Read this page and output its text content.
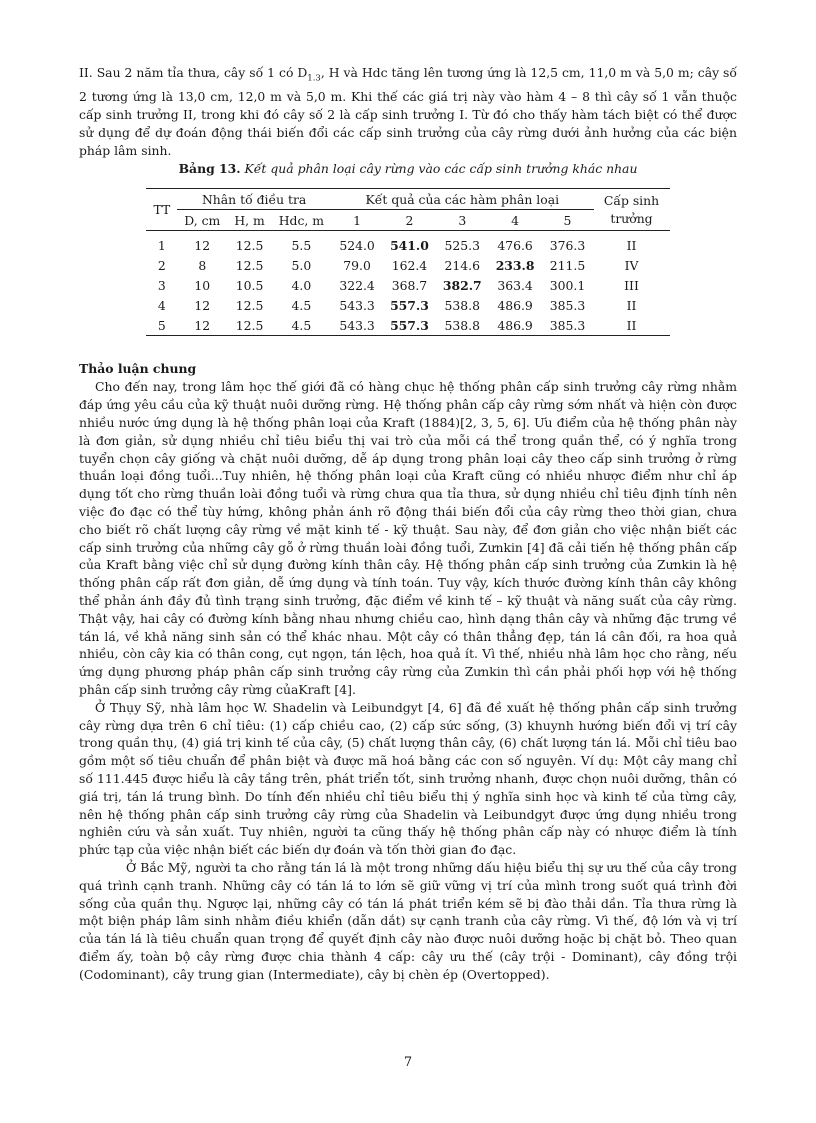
II. Sau 2 năm tỉa thưa, cây số 1 có $D_{1.3}$, H và Hdc tăng lên tương ứng là 12,5 cm, 11,0 m và 5,0 m; cây số 2 tương ứng là 13,0 cm, 12,0 m và 5,0 m. Khi thế các giá trị này vào hàm 4 – 8 thì cây số 1 vẫn thuộc cấp sinh trưởng II, trong khi đó cây số 2 là cấp sinh trưởng I. Từ đó cho thấy hàm tách biệt có thể được sử dụng để dự đoán động thái biến đổi các cấp sinh trưởng của cây rừng dưới ảnh hưởng của các biện pháp lâm sinh.

Bảng 13. Kết quả phân loại cây rừng vào các cấp sinh trưởng khác nhau
TT	Nhân tố điều tra			Kết quả của các hàm phân loại					Cấp sinh trưởng
	D, cm	H, m	Hdc, m	1	2	3	4	5	
1	12	12.5	5.5	524.0	541.0	525.3	476.6	376.3	II
2	8	12.5	5.0	79.0	162.4	214.6	233.8	211.5	IV
3	10	10.5	4.0	322.4	368.7	382.7	363.4	300.1	III
4	12	12.5	4.5	543.3	557.3	538.8	486.9	385.3	II
5	12	12.5	4.5	543.3	557.3	538.8	486.9	385.3	II
Thảo luận chung

Cho đến nay, trong lâm học thế giới đã có hàng chục hệ thống phân cấp sinh trưởng cây rừng nhằm đáp ứng yêu cầu của kỹ thuật nuôi dưỡng rừng. Hệ thống phân cấp cây rừng sớm nhất và hiện còn được nhiều nước ứng dụng là hệ thống phân loại của Kraft (1884)[2, 3, 5, 6]. Ưu điểm của hệ thống phân này là đơn giản, sử dụng nhiều chỉ tiêu biểu thị vai trò của mỗi cá thể trong quần thể, có ý nghĩa trong tuyển chọn cây giống và chặt nuôi dưỡng, dễ áp dụng trong phân loại cây theo cấp sinh trưởng ở rừng thuần loại đồng tuổi...Tuy nhiên, hệ thống phân loại của Kraft cũng có nhiều nhược điểm như chỉ áp dụng tốt cho rừng thuần loài đồng tuổi và rừng chưa qua tỉa thưa, sử dụng nhiều chỉ tiêu định tính nên việc đo đạc có thể tùy hứng, không phản ánh rõ động thái biến đổi của cây rừng theo thời gian, chưa cho biết rõ chất lượng cây rừng về mặt kinh tế - kỹ thuật. Sau này, để đơn giản cho việc nhận biết các cấp sinh trưởng của những cây gỗ ở rừng thuần loài đồng tuổi, Zưnkin [4] đã cải tiến hệ thống phân cấp của Kraft bằng việc chỉ sử dụng đường kính thân cây. Hệ thống phân cấp sinh trưởng của Zưnkin là hệ thống phân cấp rất đơn giản, dễ ứng dụng và tính toán. Tuy vậy, kích thước đường kính thân cây không thể phản ánh đầy đủ tình trạng sinh trưởng, đặc điểm về kinh tế – kỹ thuật và năng suất của cây rừng. Thật vậy, hai cây có đường kính bằng nhau nhưng chiều cao, hình dạng thân cây và những đặc trưng về tán lá, về khả năng sinh sản có thể khác nhau. Một cây có thân thẳng đẹp, tán lá cân đối, ra hoa quả nhiều, còn cây kia có thân cong, cụt ngọn, tán lệch, hoa quả ít. Vì thế, nhiều nhà lâm học cho rằng, nếu ứng dụng phương pháp phân cấp sinh trưởng cây rừng của Zưnkin thì cần phải phối hợp với hệ thống phân cấp sinh trưởng cây rừng củaKraft [4].

Ở Thụy Sỹ, nhà lâm học W. Shadelin và Leibundgyt [4, 6] đã đề xuất hệ thống phân cấp sinh trưởng cây rừng dựa trên 6 chỉ tiêu: (1) cấp chiều cao, (2) cấp sức sống, (3) khuynh hướng biến đổi vị trí cây trong quần thụ, (4) giá trị kinh tế của cây, (5) chất lượng thân cây, (6) chất lượng tán lá. Mỗi chỉ tiêu bao gồm một số tiêu chuẩn để phân biệt và được mã hoá bằng các con số nguyên. Ví dụ: Một cây mang chỉ số 111.445 được hiểu là cây tầng trên, phát triển tốt, sinh trưởng nhanh, được chọn nuôi dưỡng, thân có giá trị, tán lá trung bình. Do tính đến nhiều chỉ tiêu biểu thị ý nghĩa sinh học và kinh tế của từng cây, nên hệ thống phân cấp sinh trưởng cây rừng của Shadelin và Leibundgyt được ứng dụng nhiều trong nghiên cứu và sản xuất. Tuy nhiên, người ta cũng thấy hệ thống phân cấp này có nhược điểm là tính phức tạp của việc nhận biết các biến dự đoán và tốn thời gian đo đạc.

Ở Bắc Mỹ, người ta cho rằng tán lá là một trong những dấu hiệu biểu thị sự ưu thế của cây trong quá trình cạnh tranh. Những cây có tán lá to lớn sẽ giữ vững vị trí của mình trong suốt quá trình đời sống của quần thụ. Ngược lại, những cây có tán lá phát triển kém sẽ bị đào thải dần. Tỉa thưa rừng là một biện pháp lâm sinh nhằm điều khiển (dẫn dắt) sự cạnh tranh của cây rừng. Vì thế, độ lớn và vị trí của tán lá là tiêu chuẩn quan trọng để quyết định cây nào được nuôi dưỡng hoặc bị chặt bỏ. Theo quan điểm ấy, toàn bộ cây rừng được chia thành 4 cấp: cây ưu thế (cây trội - Dominant), cây đồng trội (Codominant), cây trung gian (Intermediate), cây bị chèn ép (Overtopped).

7
